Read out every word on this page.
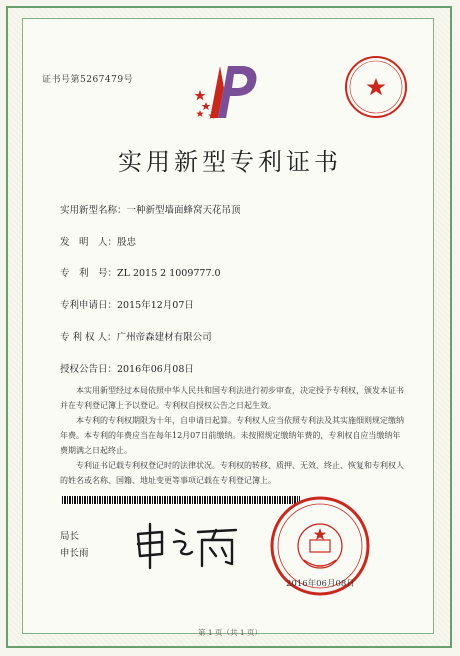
证书号第5267479号
实用新型专利证书
实用新型名称：一种新型墙面蜂窝天花吊顶
发　明　人：殷忠
专　利　号：ZL 2015 2 1009777.0
专利申请日：2015年12月07日
专 利 权 人：广州帝森建材有限公司
授权公告日：2016年06月08日

本实用新型经过本局依照中华人民共和国专利法进行初步审查，决定授予专利权，颁发本证书并在专利登记簿上予以登记。专利权自授权公告之日起生效。

本专利的专利权期限为十年，自申请日起算。专利权人应当依照专利法及其实施细则规定缴纳年费。本专利的年费应当在每年12月07日前缴纳。未按照规定缴纳年费的，专利权自应当缴纳年费期满之日起终止。

专利证书记载专利权登记时的法律状况。专利权的转移、质押、无效、终止、恢复和专利权人的姓名或名称、国籍、地址变更等事项记载在专利登记簿上。

局长
申长雨
2016年06月08日
第 1 页（共 1 页）
